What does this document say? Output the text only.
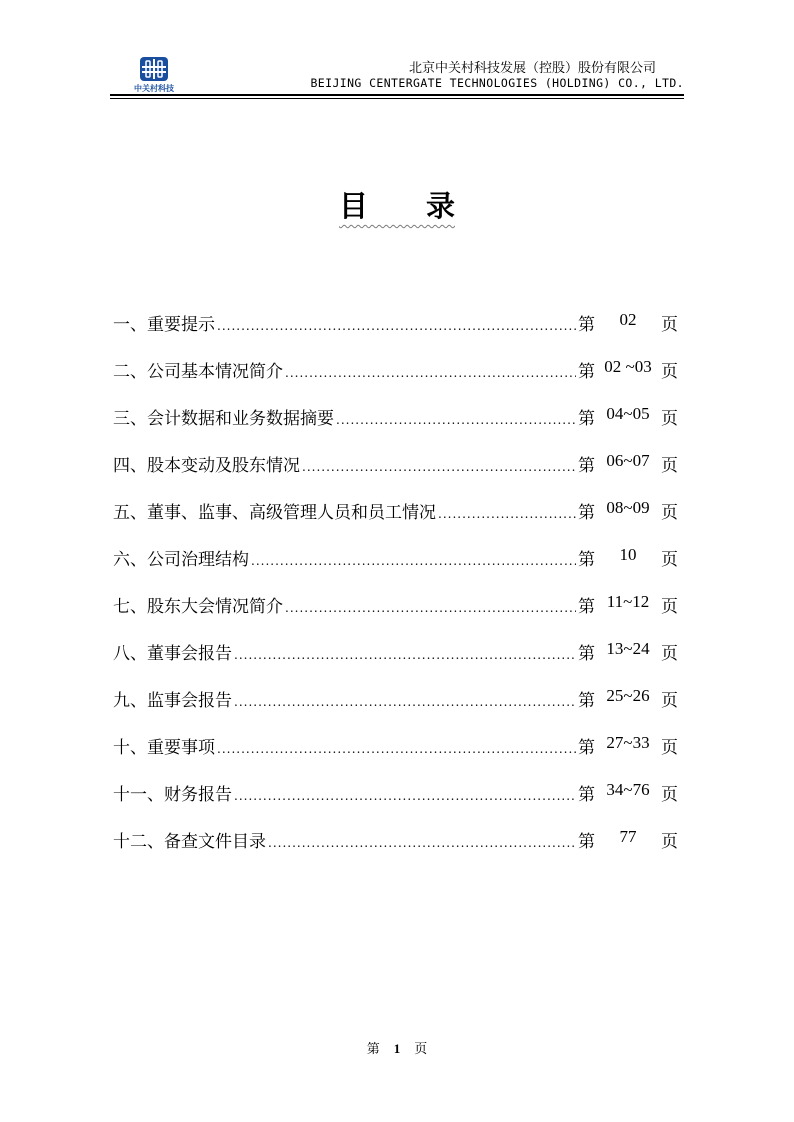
中关村科技
北京中关村科技发展（控股）股份有限公司
BEIJING CENTERGATE TECHNOLOGIES (HOLDING) CO., LTD.
目　　录
一、重要提示 .....	第	02	页
二、公司基本情况简介 .....	第 02 ~03 页
三、会计数据和业务数据摘要 .....	第 04~05 页
四、股本变动及股东情况 .....	第 06~07 页
五、董事、监事、高级管理人员和员工情况 .....	第 08~09 页
六、公司治理结构 .....	第	10	页
七、股东大会情况简介 .....	第 11~12 页
八、董事会报告 .....	第 13~24 页
九、监事会报告 .....	第 25~26 页
十、重要事项 .....	第 27~33 页
十一、财务报告 .....	第 34~76 页
十二、备查文件目录 .....	第	77	页
第 1 页
